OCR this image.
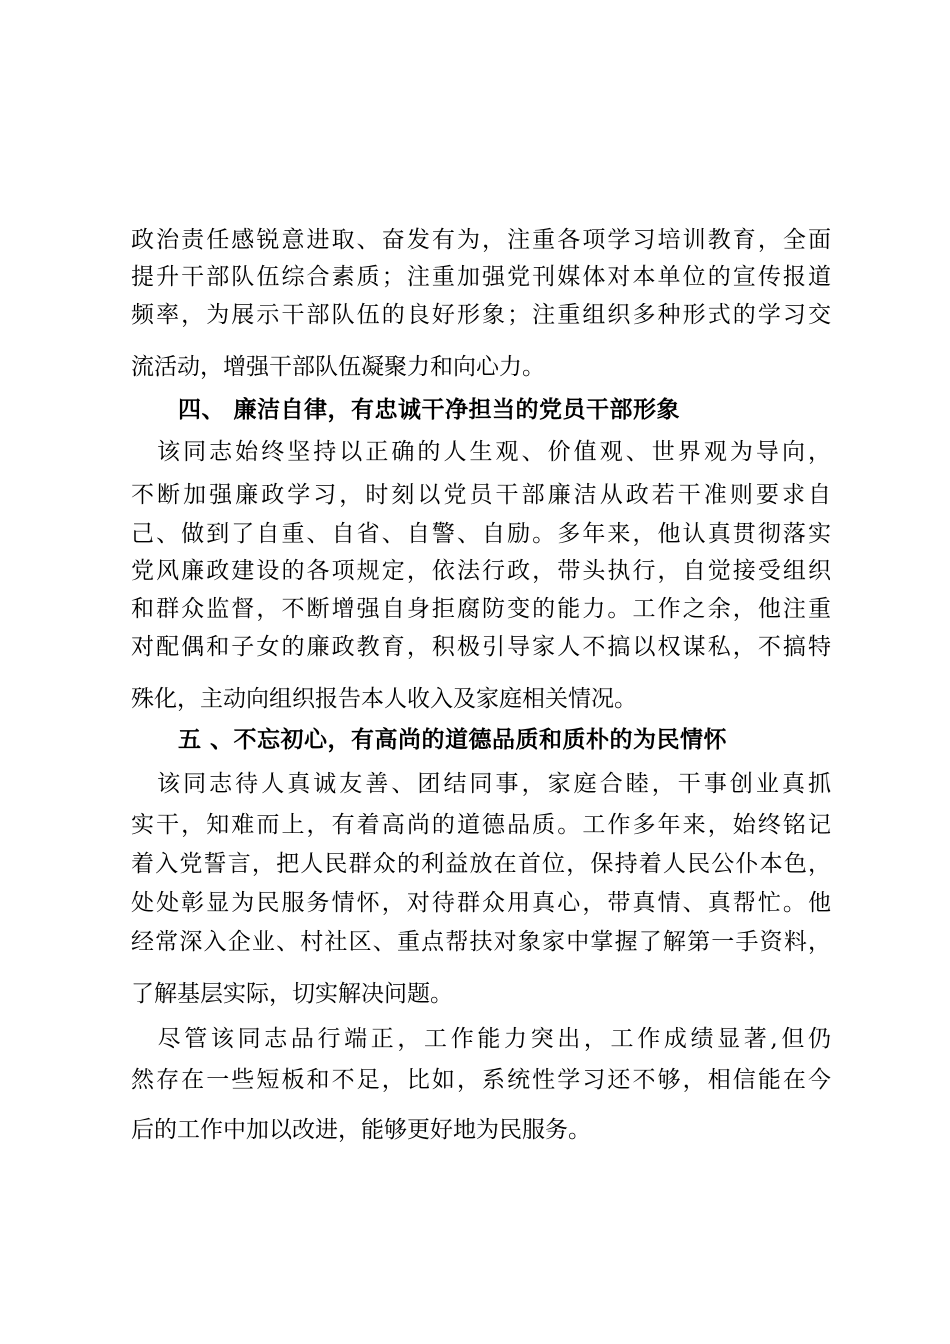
政治责任感锐意进取、奋发有为，注重各项学习培训教育，全面
提升干部队伍综合素质；注重加强党刊媒体对本单位的宣传报道
频率，为展示干部队伍的良好形象；注重组织多种形式的学习交
流活动，增强干部队伍凝聚力和向心力。
四、 廉洁自律，有忠诚干净担当的党员干部形象
　该同志始终坚持以正确的人生观、价值观、世界观为导向，
不断加强廉政学习，时刻以党员干部廉洁从政若干准则要求自
己、做到了自重、自省、自警、自励。多年来，他认真贯彻落实
党风廉政建设的各项规定，依法行政，带头执行，自觉接受组织
和群众监督，不断增强自身拒腐防变的能力。工作之余，他注重
对配偶和子女的廉政教育，积极引导家人不搞以权谋私，不搞特
殊化，主动向组织报告本人收入及家庭相关情况。
五 、不忘初心，有高尚的道德品质和质朴的为民情怀
　该同志待人真诚友善、团结同事，家庭合睦，干事创业真抓
实干，知难而上，有着高尚的道德品质。工作多年来，始终铭记
着入党誓言，把人民群众的利益放在首位，保持着人民公仆本色，
处处彰显为民服务情怀，对待群众用真心，带真情、真帮忙。他
经常深入企业、村社区、重点帮扶对象家中掌握了解第一手资料，
了解基层实际，切实解决问题。
　尽管该同志品行端正，工作能力突出，工作成绩显著,但仍
然存在一些短板和不足，比如，系统性学习还不够，相信能在今
后的工作中加以改进，能够更好地为民服务。
